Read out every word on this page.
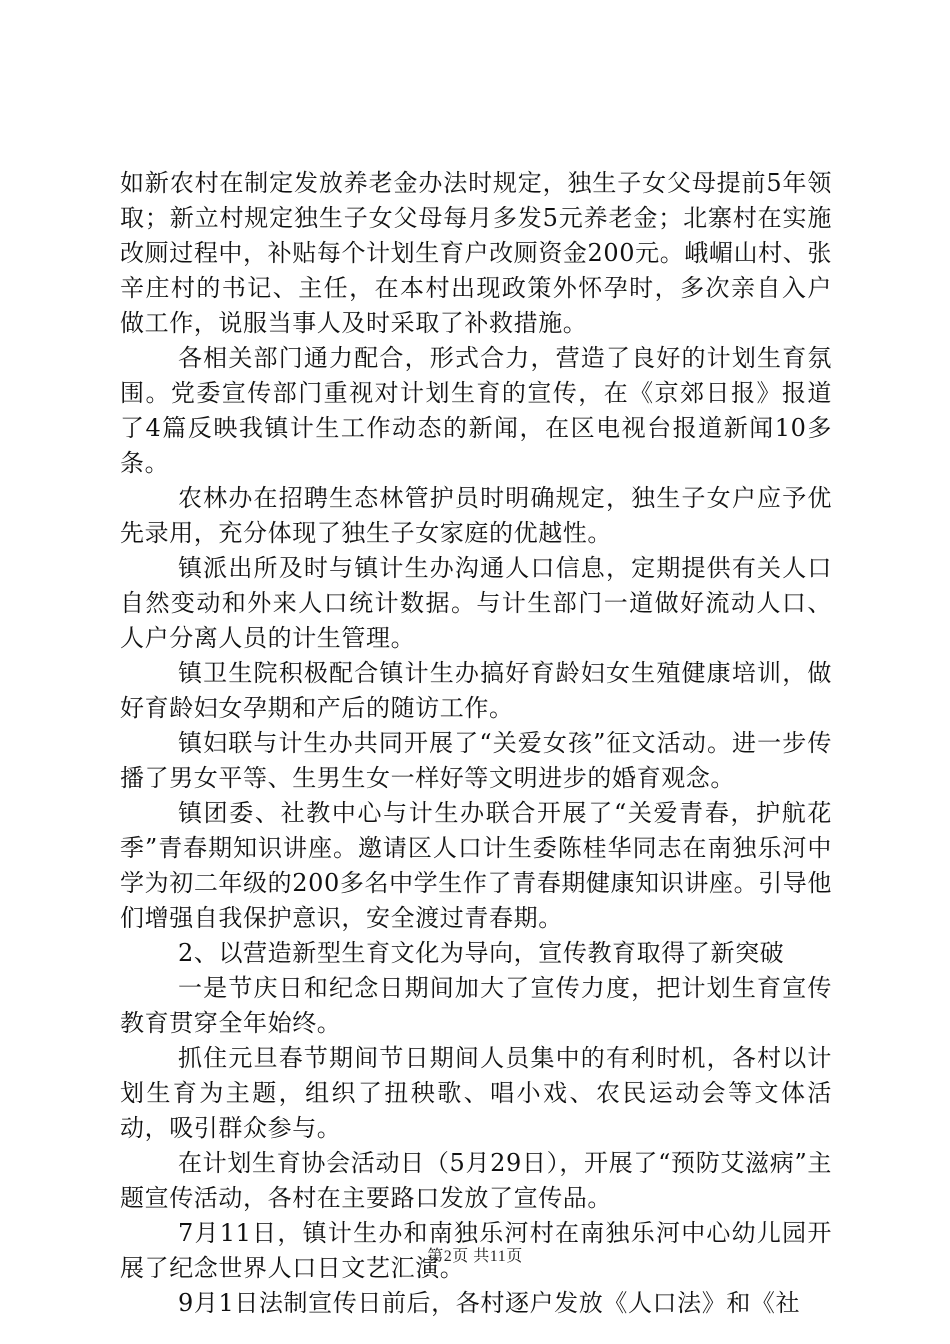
如新农村在制定发放养老金办法时规定，独生子女父母提前5年领取；新立村规定独生子女父母每月多发5元养老金；北寨村在实施改厕过程中，补贴每个计划生育户改厕资金200元。峨嵋山村、张辛庄村的书记、主任，在本村出现政策外怀孕时，多次亲自入户做工作，说服当事人及时采取了补救措施。

各相关部门通力配合，形式合力，营造了良好的计划生育氛围。党委宣传部门重视对计划生育的宣传，在《京郊日报》报道了4篇反映我镇计生工作动态的新闻，在区电视台报道新闻10多条。

农林办在招聘生态林管护员时明确规定，独生子女户应予优先录用，充分体现了独生子女家庭的优越性。

镇派出所及时与镇计生办沟通人口信息，定期提供有关人口自然变动和外来人口统计数据。与计生部门一道做好流动人口、人户分离人员的计生管理。

镇卫生院积极配合镇计生办搞好育龄妇女生殖健康培训，做好育龄妇女孕期和产后的随访工作。

镇妇联与计生办共同开展了“关爱女孩”征文活动。进一步传播了男女平等、生男生女一样好等文明进步的婚育观念。

镇团委、社教中心与计生办联合开展了“关爱青春，护航花季”青春期知识讲座。邀请区人口计生委陈桂华同志在南独乐河中学为初二年级的200多名中学生作了青春期健康知识讲座。引导他们增强自我保护意识，安全渡过青春期。

2、以营造新型生育文化为导向，宣传教育取得了新突破

一是节庆日和纪念日期间加大了宣传力度，把计划生育宣传教育贯穿全年始终。

抓住元旦春节期间节日期间人员集中的有利时机，各村以计划生育为主题，组织了扭秧歌、唱小戏、农民运动会等文体活动，吸引群众参与。

在计划生育协会活动日（5月29日），开展了“预防艾滋病”主题宣传活动，各村在主要路口发放了宣传品。

7月11日，镇计生办和南独乐河村在南独乐河中心幼儿园开展了纪念世界人口日文艺汇演。

9月1日法制宣传日前后，各村逐户发放《人口法》和《社

第2页 共11页
